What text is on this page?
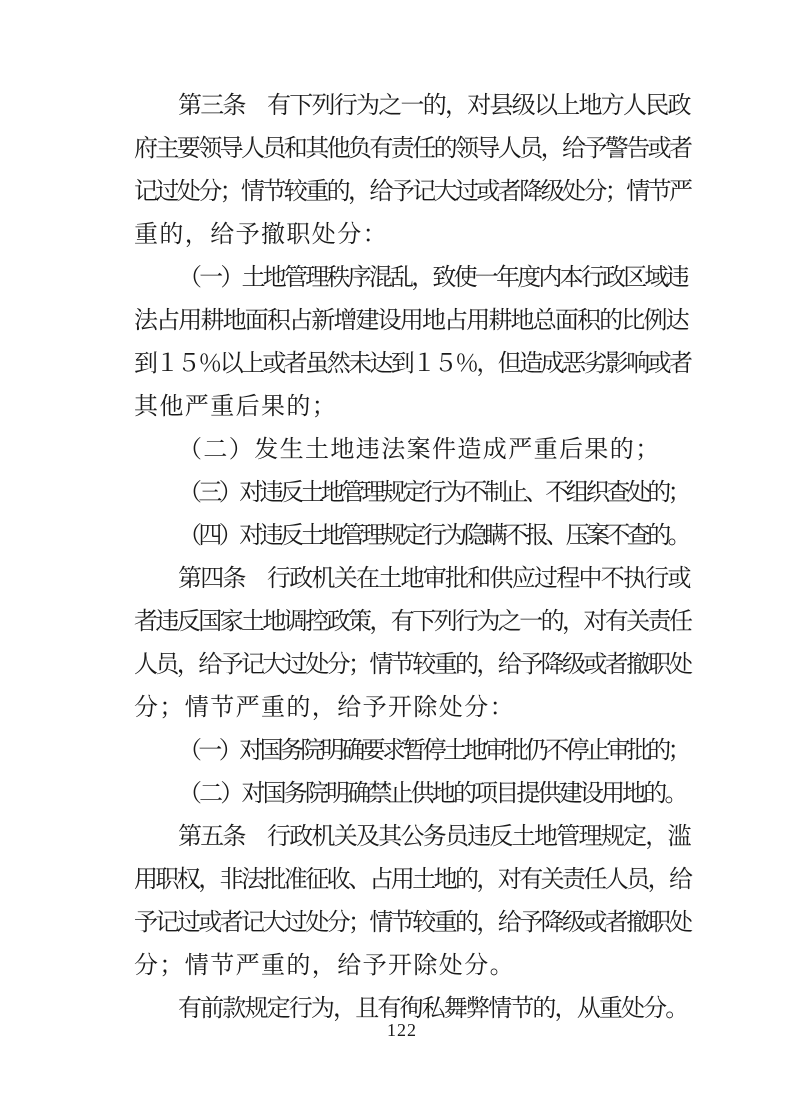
第三条　有下列行为之一的，对县级以上地方人民政
府主要领导人员和其他负有责任的领导人员，给予警告或者
记过处分；情节较重的，给予记大过或者降级处分；情节严
重的，给予撤职处分：
（一）土地管理秩序混乱，致使一年度内本行政区域违
法占用耕地面积占新增建设用地占用耕地总面积的比例达
到１５％以上或者虽然未达到１５％，但造成恶劣影响或者
其他严重后果的；
（二）发生土地违法案件造成严重后果的；
（三）对违反土地管理规定行为不制止、不组织查处的；
（四）对违反土地管理规定行为隐瞒不报、压案不查的。
第四条　行政机关在土地审批和供应过程中不执行或
者违反国家土地调控政策，有下列行为之一的，对有关责任
人员，给予记大过处分；情节较重的，给予降级或者撤职处
分；情节严重的，给予开除处分：
（一）对国务院明确要求暂停土地审批仍不停止审批的；
（二）对国务院明确禁止供地的项目提供建设用地的。
第五条　行政机关及其公务员违反土地管理规定，滥
用职权，非法批准征收、占用土地的，对有关责任人员，给
予记过或者记大过处分；情节较重的，给予降级或者撤职处
分；情节严重的，给予开除处分。
有前款规定行为，且有徇私舞弊情节的，从重处分。
122
